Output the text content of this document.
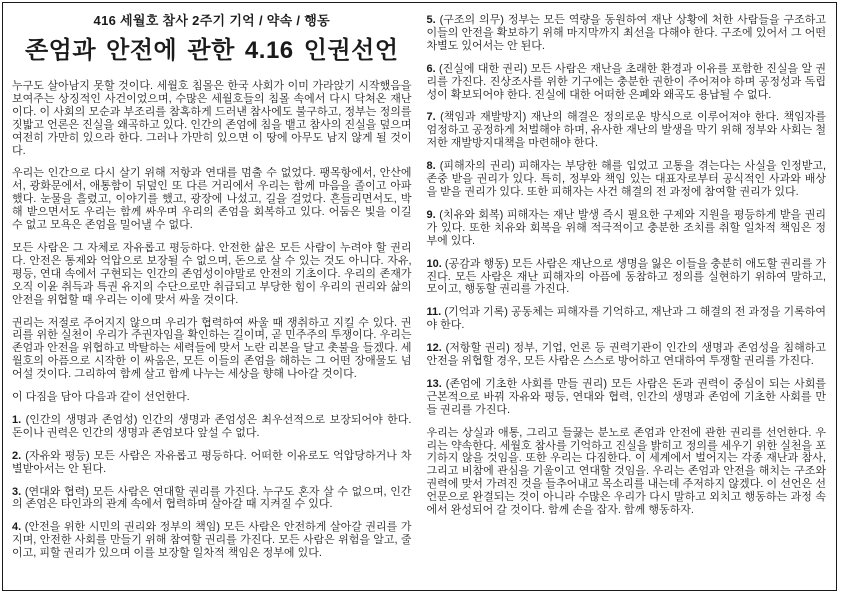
416 세월호 참사 2주기 기억 / 약속 / 행동
존엄과 안전에 관한 4.16 인권선언

누구도 살아남지 못할 것이다. 세월호 침몰은 한국 사회가 이미 가라앉기 시작했음을 보여주는 상징적인 사건이었으며, 수많은 세월호들의 침몰 속에서 다시 닥쳐온 재난이다. 이 사회의 모순과 부조리를 참혹하게 드러낸 참사에도 불구하고, 정부는 정의를 짓밟고 언론은 진실을 왜곡하고 있다. 인간의 존엄에 침을 뱉고 참사의 진실을 덮으며 여전히 가만히 있으라 한다. 그러나 가만히 있으면 이 땅에 아무도 남지 않게 될 것이다.

우리는 인간으로 다시 살기 위해 저항과 연대를 멈출 수 없었다. 팽목항에서, 안산에서, 광화문에서, 애통함이 뒤덮인 또 다른 거리에서 우리는 함께 마음을 졸이고 아파했다. 눈물을 흘렸고, 이야기를 했고, 광장에 나섰고, 길을 걸었다. 흔들리면서도, 박해 받으면서도 우리는 함께 싸우며 우리의 존엄을 회복하고 있다. 어둠은 빛을 이길 수 없고 모욕은 존엄을 밀어낼 수 없다.

모든 사람은 그 자체로 자유롭고 평등하다. 안전한 삶은 모든 사람이 누려야 할 권리다. 안전은 통제와 억압으로 보장될 수 없으며, 돈으로 살 수 있는 것도 아니다. 자유, 평등, 연대 속에서 구현되는 인간의 존엄성이야말로 안전의 기초이다. 우리의 존재가 오직 이윤 취득과 특권 유지의 수단으로만 취급되고 부당한 힘이 우리의 권리와 삶의 안전을 위협할 때 우리는 이에 맞서 싸울 것이다.

권리는 저절로 주어지지 않으며 우리가 협력하여 싸울 때 쟁취하고 지킬 수 있다. 권리를 위한 실천이 우리가 주권자임을 확인하는 길이며, 곧 민주주의 투쟁이다. 우리는 존엄과 안전을 위협하고 박탈하는 세력들에 맞서 노란 리본을 달고 촛불을 들겠다. 세월호의 아픔으로 시작한 이 싸움은, 모든 이들의 존엄을 해하는 그 어떤 장애물도 넘어설 것이다. 그리하여 함께 살고 함께 나누는 세상을 향해 나아갈 것이다.

이 다짐을 담아 다음과 같이 선언한다.

1. (인간의 생명과 존엄성) 인간의 생명과 존엄성은 최우선적으로 보장되어야 한다. 돈이나 권력은 인간의 생명과 존엄보다 앞설 수 없다.

2. (자유와 평등) 모든 사람은 자유롭고 평등하다. 어떠한 이유로도 억압당하거나 차별받아서는 안 된다.

3. (연대와 협력) 모든 사람은 연대할 권리를 가진다. 누구도 혼자 살 수 없으며, 인간의 존엄은 타인과의 관계 속에서 협력하며 살아갈 때 지켜질 수 있다.

4. (안전을 위한 시민의 권리와 정부의 책임) 모든 사람은 안전하게 살아갈 권리를 가지며, 안전한 사회를 만들기 위해 참여할 권리를 가진다. 모든 사람은 위험을 알고, 줄이고, 피할 권리가 있으며 이를 보장할 일차적 책임은 정부에 있다.

5. (구조의 의무) 정부는 모든 역량을 동원하여 재난 상황에 처한 사람들을 구조하고 이들의 안전을 확보하기 위해 마지막까지 최선을 다해야 한다. 구조에 있어서 그 어떤 차별도 있어서는 안 된다.

6. (진실에 대한 권리) 모든 사람은 재난을 초래한 환경과 이유를 포함한 진실을 알 권리를 가진다. 진상조사를 위한 기구에는 충분한 권한이 주어져야 하며 공정성과 독립성이 확보되어야 한다. 진실에 대한 어떠한 은폐와 왜곡도 용납될 수 없다.

7. (책임과 재발방지) 재난의 해결은 정의로운 방식으로 이루어져야 한다. 책임자를 엄정하고 공정하게 처벌해야 하며, 유사한 재난의 발생을 막기 위해 정부와 사회는 철저한 재발방지대책을 마련해야 한다.

8. (피해자의 권리) 피해자는 부당한 해를 입었고 고통을 겪는다는 사실을 인정받고, 존중 받을 권리가 있다. 특히, 정부와 책임 있는 대표자로부터 공식적인 사과와 배상을 받을 권리가 있다. 또한 피해자는 사건 해결의 전 과정에 참여할 권리가 있다.

9. (치유와 회복) 피해자는 재난 발생 즉시 필요한 구제와 지원을 평등하게 받을 권리가 있다. 또한 치유와 회복을 위해 적극적이고 충분한 조치를 취할 일차적 책임은 정부에 있다.

10. (공감과 행동) 모든 사람은 재난으로 생명을 잃은 이들을 충분히 애도할 권리를 가진다. 모든 사람은 재난 피해자의 아픔에 동참하고 정의를 실현하기 위하여 말하고, 모이고, 행동할 권리를 가진다.

11. (기억과 기록) 공동체는 피해자를 기억하고, 재난과 그 해결의 전 과정을 기록하여야 한다.

12. (저항할 권리) 정부, 기업, 언론 등 권력기관이 인간의 생명과 존엄성을 침해하고 안전을 위협할 경우, 모든 사람은 스스로 방어하고 연대하여 투쟁할 권리를 가진다.

13. (존엄에 기초한 사회를 만들 권리) 모든 사람은 돈과 권력이 중심이 되는 사회를 근본적으로 바꿔 자유와 평등, 연대와 협력, 인간의 생명과 존엄에 기초한 사회를 만들 권리를 가진다.

우리는 상실과 애통, 그리고 들끓는 분노로 존엄과 안전에 관한 권리를 선언한다. 우리는 약속한다. 세월호 참사를 기억하고 진실을 밝히고 정의를 세우기 위한 실천을 포기하지 않을 것임을. 또한 우리는 다짐한다. 이 세계에서 벌어지는 각종 재난과 참사, 그리고 비참에 관심을 기울이고 연대할 것임을. 우리는 존엄과 안전을 해치는 구조와 권력에 맞서 가려진 것을 들추어내고 목소리를 내는데 주저하지 않겠다. 이 선언은 선언문으로 완결되는 것이 아니라 수많은 우리가 다시 말하고 외치고 행동하는 과정 속에서 완성되어 갈 것이다. 함께 손을 잡자. 함께 행동하자.
